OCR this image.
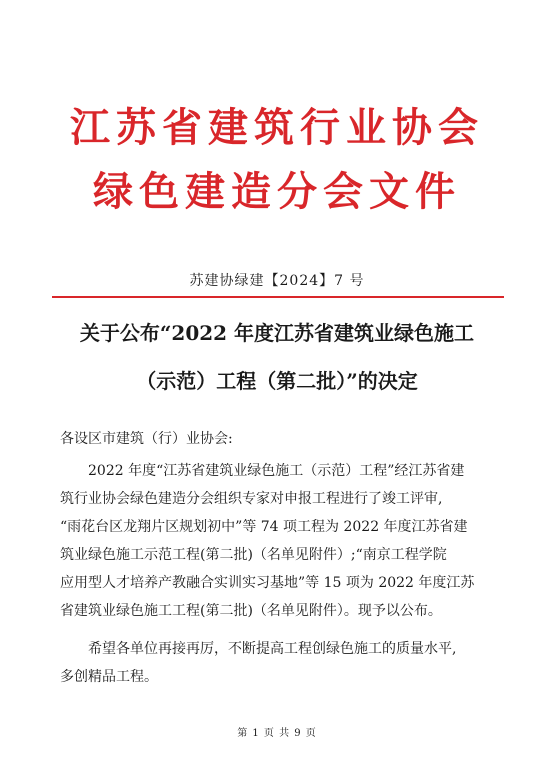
江苏省建筑行业协会
绿色建造分会文件
苏建协绿建【2024】7 号
关于公布“2022 年度江苏省建筑业绿色施工
（示范）工程（第二批）”的决定
各设区市建筑（行）业协会:
2022 年度“江苏省建筑业绿色施工（示范）工程”经江苏省建
筑行业协会绿色建造分会组织专家对申报工程进行了竣工评审,
“雨花台区龙翔片区规划初中”等 74 项工程为 2022 年度江苏省建
筑业绿色施工示范工程(第二批)（名单见附件）;“南京工程学院
应用型人才培养产教融合实训实习基地”等 15 项为 2022 年度江苏
省建筑业绿色施工工程(第二批)（名单见附件）。现予以公布。
希望各单位再接再厉，不断提高工程创绿色施工的质量水平,
多创精品工程。
第 1 页 共 9 页
